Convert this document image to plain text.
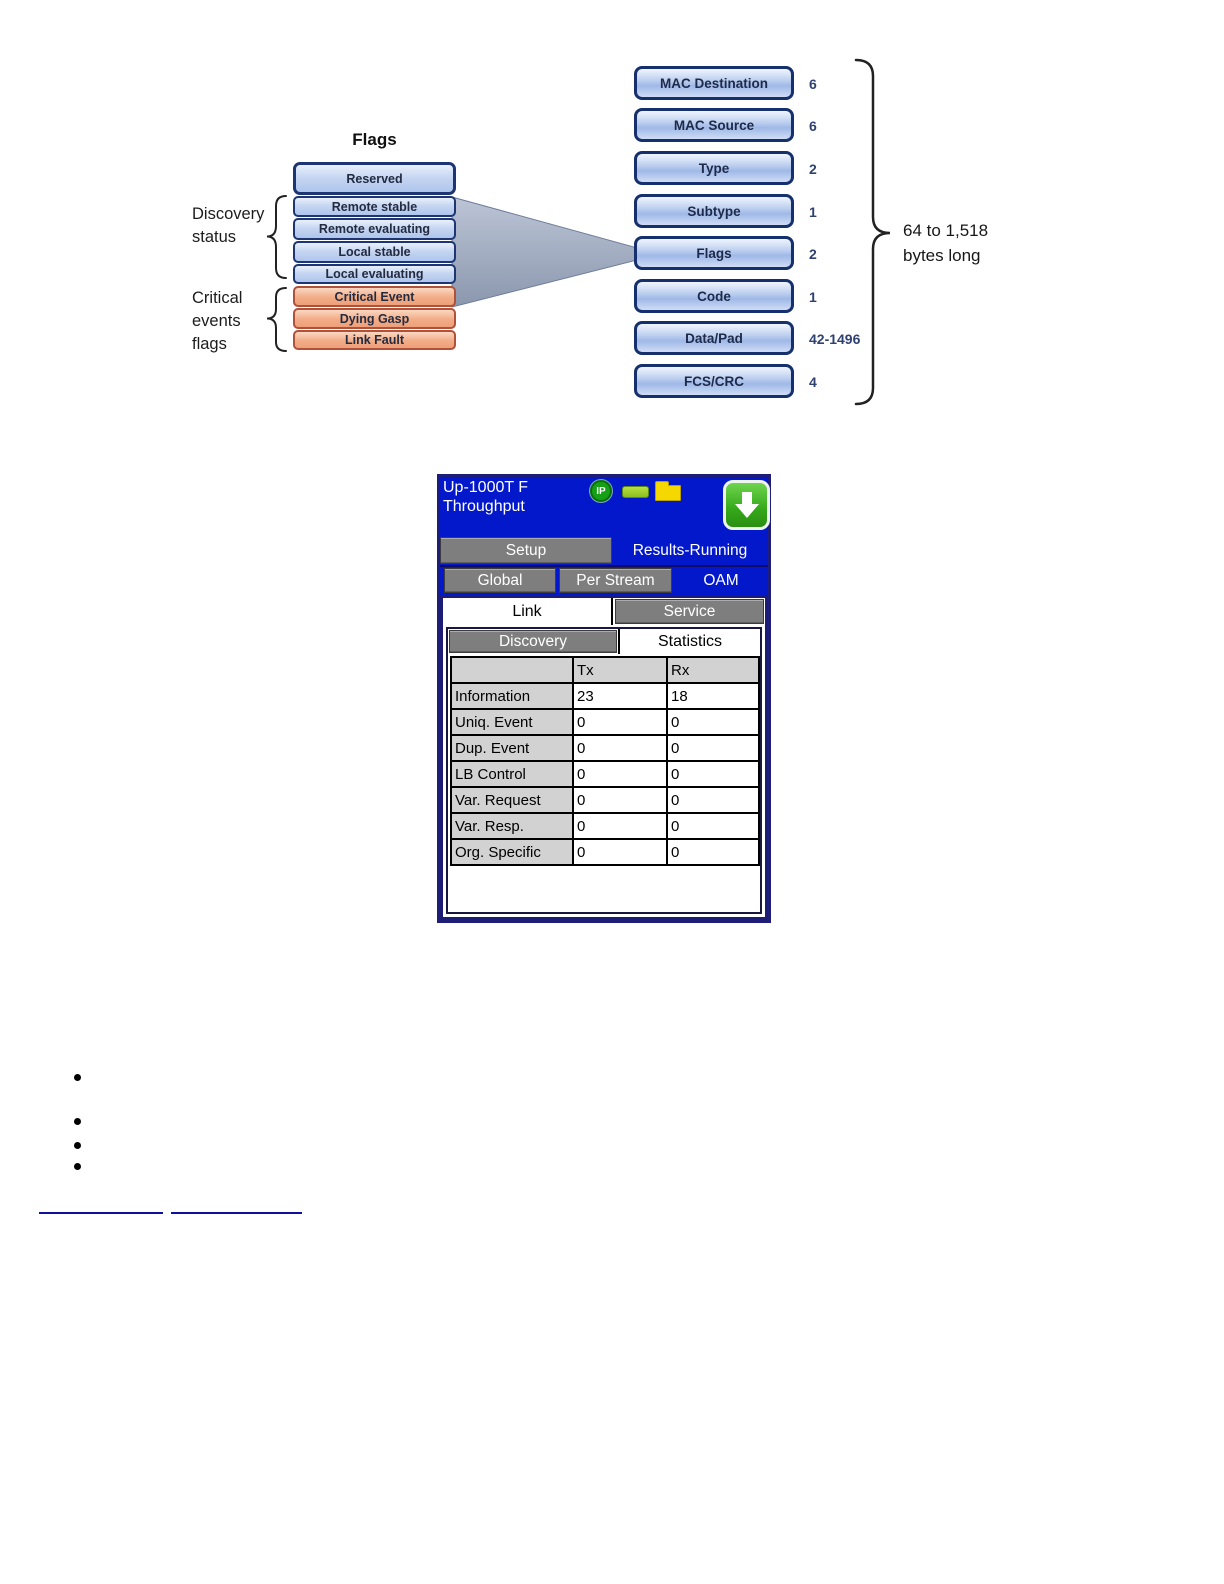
Flags
Discovery
status
Critical
events
flags
Reserved
Remote stable
Remote evaluating
Local stable
Local evaluating
Critical Event
Dying Gasp
Link Fault
MAC Destination
MAC Source
Type
Subtype
Flags
Code
Data/Pad
FCS/CRC
6
6
2
1
2
1
42-1496
4
64 to 1,518
bytes long
Up-1000T F
Throughput
IP
Setup	Results-Running
Global	Per Stream	OAM
Link	Service
Discovery	Statistics
	Tx	Rx
Information	23	18
Uniq. Event	0	0
Dup. Event	0	0
LB Control	0	0
Var. Request	0	0
Var. Resp.	0	0
Org. Specific	0	0
